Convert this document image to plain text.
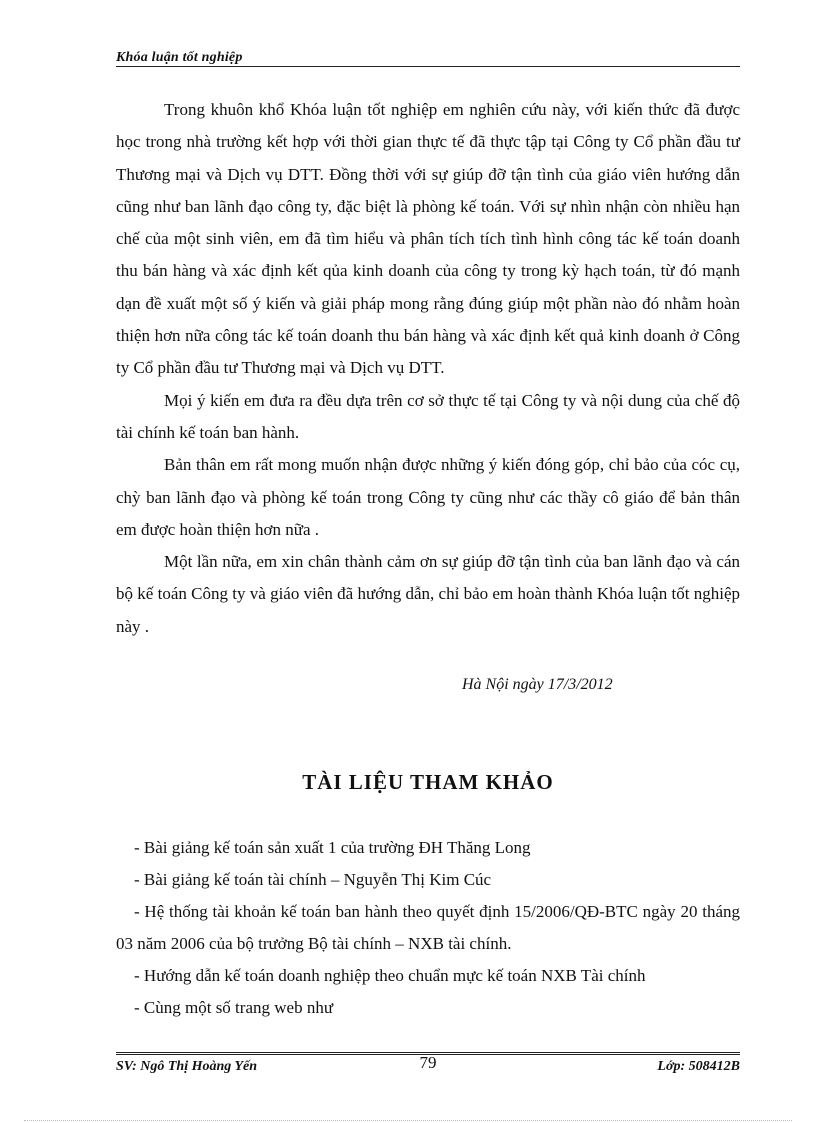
Khóa luận tốt nghiệp

Trong khuôn khổ Khóa luận tốt nghiệp em nghiên cứu này, với kiến thức đã được học trong nhà trường kết hợp với thời gian thực tế đã thực tập tại Công ty Cổ phần đầu tư Thương mại và Dịch vụ DTT. Đồng thời với sự giúp đỡ tận tình của giáo viên hướng dẫn cũng như ban lãnh đạo công ty, đặc biệt là phòng kế toán. Với sự nhìn nhận còn nhiều hạn chế của một sinh viên, em đã tìm hiểu và phân tích tích tình hình công tác kế toán doanh thu bán hàng và xác định kết qủa kinh doanh của công ty trong kỳ hạch toán, từ đó mạnh dạn đề xuất một số ý kiến và giải pháp mong rằng đúng giúp một phần nào đó nhằm hoàn thiện hơn nữa công tác kế toán doanh thu bán hàng và xác định kết quả kinh doanh ở Công ty Cổ phần đầu tư Thương mại và Dịch vụ DTT.

Mọi ý kiến em đưa ra đều dựa trên cơ sở thực tế tại Công ty và nội dung của chế độ tài chính kế toán ban hành.

Bản thân em rất mong muốn nhận được những ý kiến đóng góp, chỉ bảo của cóc cụ, chỳ ban lãnh đạo và phòng kế toán trong Công ty cũng như các thầy cô giáo để bản thân em được hoàn thiện hơn nữa .

Một lần nữa, em xin chân thành cảm ơn sự giúp đỡ tận tình của ban lãnh đạo và cán bộ kế toán Công ty và giáo viên đã hướng dẫn, chỉ bảo em hoàn thành Khóa luận tốt nghiệp này .

Hà Nội ngày 17/3/2012
TÀI LIỆU THAM KHẢO

- Bài giảng kế toán sản xuất 1 của trường ĐH Thăng Long

- Bài giảng kế toán tài chính – Nguyễn Thị Kim Cúc

- Hệ thống tài khoản kế toán ban hành theo quyết định 15/2006/QĐ-BTC ngày 20 tháng 03 năm 2006 của bộ trưởng Bộ tài chính – NXB tài chính.

- Hướng dẫn kế toán doanh nghiệp theo chuẩn mực kế toán NXB Tài chính

- Cùng một số trang web như

SV: Ngô Thị Hoàng Yến	79	Lớp: 508412B
